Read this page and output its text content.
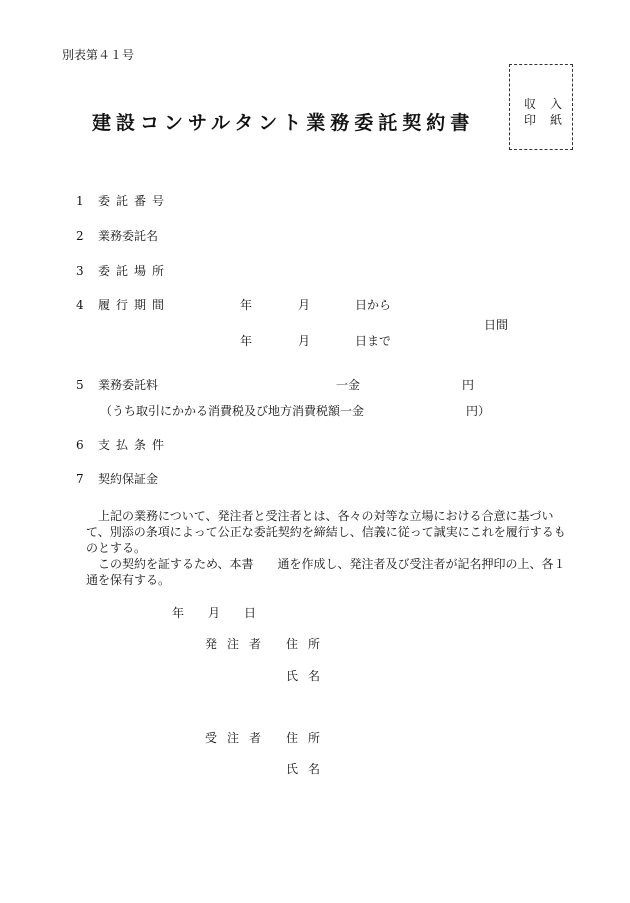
別表第４１号
建設コンサルタント業務委託契約書
収入
印紙
1 委託番号
2 業務委託名
3 委託場所
4 履行期間	年	月	日から
日間
年	月	日まで
5 業務委託料	一金	円
（うち取引にかかる消費税及び地方消費税額 一金	円）
6 支払条件
7 契約保証金

上記の業務について、発注者と受注者とは、各々の対等な立場における合意に基づいて、別添の条項によって公正な委託契約を締結し、信義に従って誠実にこれを履行するものとする。

この契約を証するため、本書　　通を作成し、発注者及び受注者が記名押印の上、各１通を保有する。

年 月 日
発注者 住所
氏名
受注者 住所
氏名
